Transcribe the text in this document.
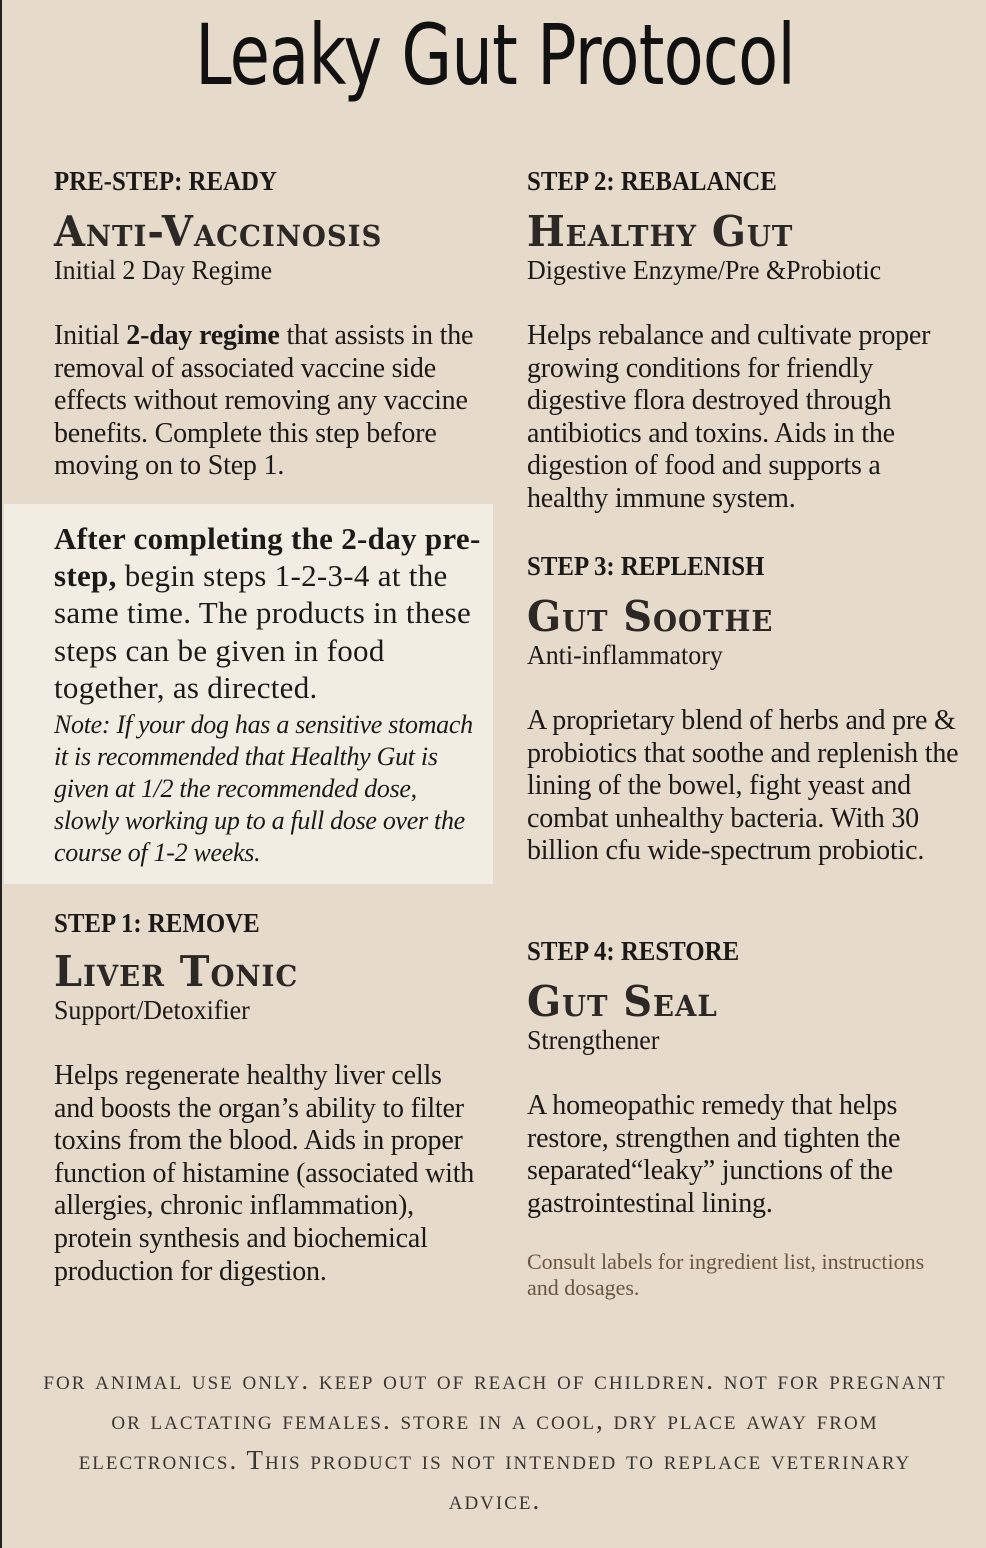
Leaky Gut Protocol
PRE-STEP: READY
Anti-Vaccinosis
Initial 2 Day Regime
Initial 2-day regime that assists in the removal of associated vaccine side effects without removing any vaccine benefits. Complete this step before moving on to Step 1.
After completing the 2-day pre-step, begin steps 1-2-3-4 at the same time. The products in these steps can be given in food together, as directed.
Note: If your dog has a sensitive stomach it is recommended that Healthy Gut is given at 1/2 the recommended dose, slowly working up to a full dose over the course of 1-2 weeks.
STEP 1: REMOVE
Liver Tonic
Support/Detoxifier
Helps regenerate healthy liver cells and boosts the organ’s ability to filter toxins from the blood. Aids in proper function of histamine (associated with allergies, chronic inflammation), protein synthesis and biochemical production for digestion.
STEP 2: REBALANCE
Healthy Gut
Digestive Enzyme/Pre &Probiotic
Helps rebalance and cultivate proper growing conditions for friendly digestive flora destroyed through antibiotics and toxins. Aids in the digestion of food and supports a healthy immune system.
STEP 3: REPLENISH
Gut Soothe
Anti-inflammatory
A proprietary blend of herbs and pre & probiotics that soothe and replenish the lining of the bowel, fight yeast and combat unhealthy bacteria. With 30 billion cfu wide-spectrum probiotic.
STEP 4: RESTORE
Gut Seal
Strengthener
A homeopathic remedy that helps restore, strengthen and tighten the separated“leaky” junctions of the gastrointestinal lining.
Consult labels for ingredient list, instructions and dosages.
for animal use only. keep out of reach of children. not for pregnant or lactating females. store in a cool, dry place away from electronics. This product is not intended to replace veterinary advice.
